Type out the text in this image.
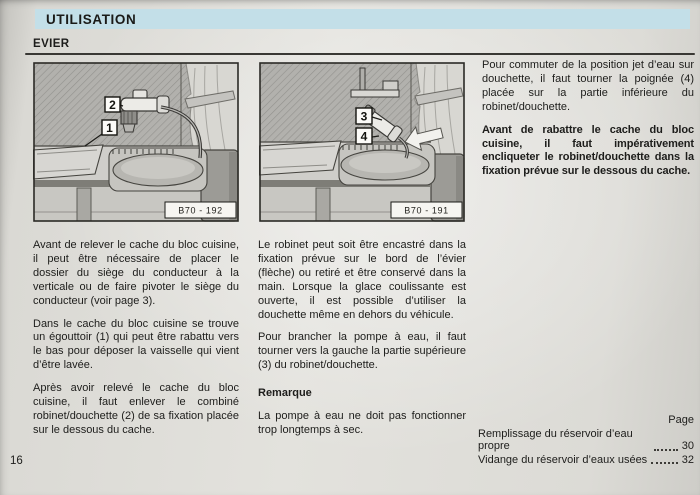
UTILISATION
EVIER
2
1
B70 - 192
3
4
B70 - 191

Pour commuter de la position jet d’eau sur douchette, il faut tourner la poignée (4) placée sur la partie inférieure du robinet/douchette.

Avant de rabattre le cache du bloc cuisine, il faut impérativement encliqueter le robinet/douchette dans la fixation prévue sur le dessous du cache.

Avant de relever le cache du bloc cuisine, il peut être nécessaire de placer le dossier du siège du conducteur à la verticale ou de faire pivoter le siège du conducteur (voir page 3).

Dans le cache du bloc cuisine se trouve un égouttoir (1) qui peut être rabattu vers le bas pour déposer la vaisselle qui vient d’être lavée.

Après avoir relevé le cache du bloc cuisine, il faut enlever le combiné robinet/douchette (2) de sa fixation placée sur le dessous du cache.

Le robinet peut soit être encastré dans la fixation prévue sur le bord de l’évier (flèche) ou retiré et être conservé dans la main. Lorsque la glace coulissante est ouverte, il est possible d’utiliser la douchette même en dehors du véhicule.

Pour brancher la pompe à eau, il faut tourner vers la gauche la partie supérieure (3) du robinet/douchette.

Remarque

La pompe à eau ne doit pas fonctionner trop longtemps à sec.

Page
Remplissage du réservoir d’eau propre	30
Vidange du réservoir d’eaux usées	32
16
